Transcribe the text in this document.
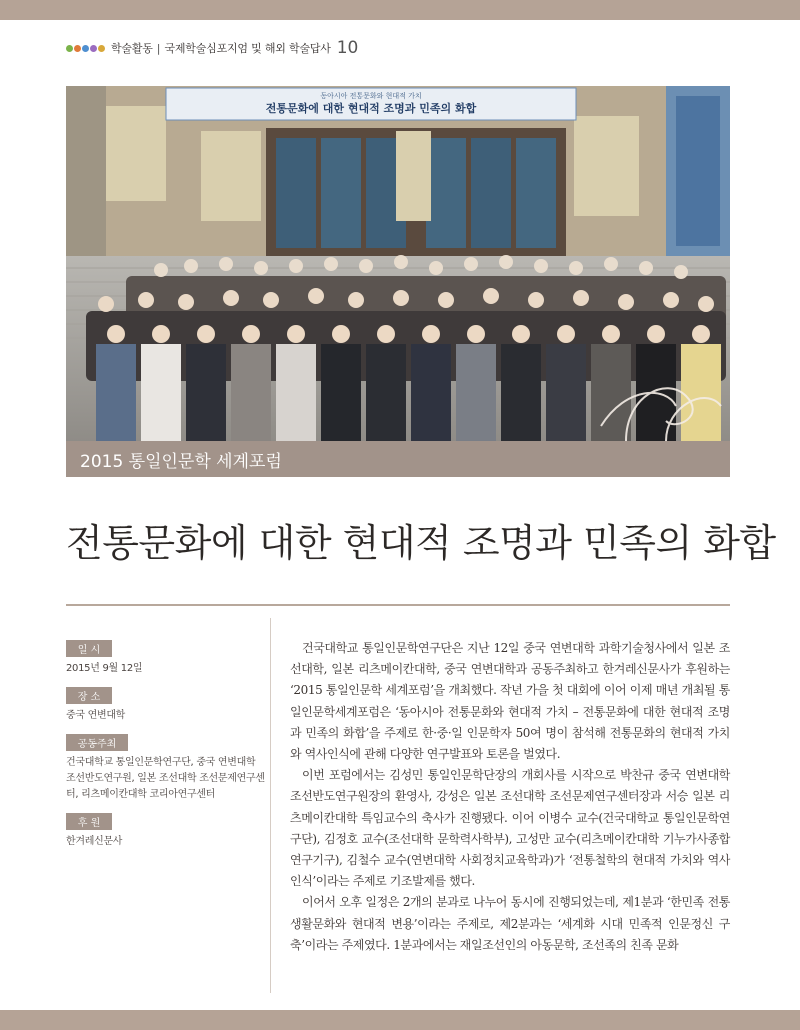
학술활동 | 국제학술심포지엄 및 해외 학술답사 10
동아시아 전통문화와 현대적 가치
전통문화에 대한 현대적 조명과 민족의 화합
2015 통일인문학 세계포럼
전통문화에 대한 현대적 조명과 민족의 화합
일 시
2015년 9월 12일
장 소
중국 연변대학
공동주최
건국대학교 통일인문학연구단, 중국 연변대학 조선반도연구원, 일본 조선대학 조선문제연구센터, 리츠메이칸대학 코리아연구센터
후 원
한겨레신문사

건국대학교 통일인문학연구단은 지난 12일 중국 연변대학 과학기술청사에서 일본 조선대학, 일본 리츠메이칸대학, 중국 연변대학과 공동주최하고 한겨레신문사가 후원하는 ‘2015 통일인문학 세계포럼’을 개최했다. 작년 가을 첫 대회에 이어 이제 매년 개최될 통일인문학세계포럼은 ‘동아시아 전통문화와 현대적 가치 – 전통문화에 대한 현대적 조명과 민족의 화합’을 주제로 한·중·일 인문학자 50여 명이 참석해 전통문화의 현대적 가치와 역사인식에 관해 다양한 연구발표와 토론을 벌였다.

이번 포럼에서는 김성민 통일인문학단장의 개회사를 시작으로 박찬규 중국 연변대학 조선반도연구원장의 환영사, 강성은 일본 조선대학 조선문제연구센터장과 서승 일본 리츠메이칸대학 특임교수의 축사가 진행됐다. 이어 이병수 교수(건국대학교 통일인문학연구단), 김정호 교수(조선대학 문학력사학부), 고성만 교수(리츠메이칸대학 기누가사종합연구기구), 김철수 교수(연변대학 사회정치교육학과)가 ‘전통철학의 현대적 가치와 역사인식’이라는 주제로 기조발제를 했다.

이어서 오후 일정은 2개의 분과로 나누어 동시에 진행되었는데, 제1분과 ‘한민족 전통생활문화와 현대적 변용’이라는 주제로, 제2분과는 ‘세계화 시대 민족적 인문정신 구축’이라는 주제였다. 1분과에서는 재일조선인의 아동문학, 조선족의 친족 문화
